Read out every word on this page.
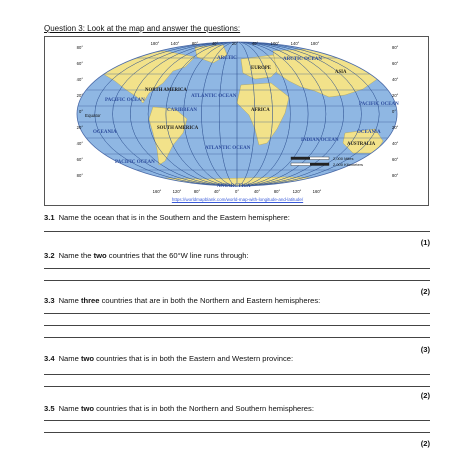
Question 3: Look at the map and answer the questions:
180°	140°	80°	40°	20°	40°	100°	140°	180°
160°	120°	80°	40°	0°	40°	80°	120°	160°
80°
60°
40°
20°
0°
20°
40°
60°
80°
80°
60°
40°
20°
0°
20°
40°
60°
80°
Equator
ARCTIC	ARCTIC OCEAN
PACIFIC OCEAN
ATLANTIC OCEAN
CARIBBEAN
OCEANIA
ATLANTIC OCEAN
PACIFIC OCEAN
INDIAN OCEAN
PACIFIC OCEAN
OCEANIA
ANTARCTICA
NORTH AMERICA
SOUTH AMERICA
EUROPE
ASIA
AFRICA
AUSTRALIA
2,000 Miles
2,000 Kilometers
https://worldmapblank.com/world-map-with-longitude-and-latitude/
3.1 Name the ocean that is in the Southern and the Eastern hemisphere:
(1)
3.2 Name the two countries that the 60°W line runs through:
(2)
3.3 Name three countries that are in both the Northern and Eastern hemispheres:
(3)
3.4 Name two countries that is in both the Eastern and Western province:
(2)
3.5 Name two countries that is in both the Northern and Southern hemispheres:
(2)
